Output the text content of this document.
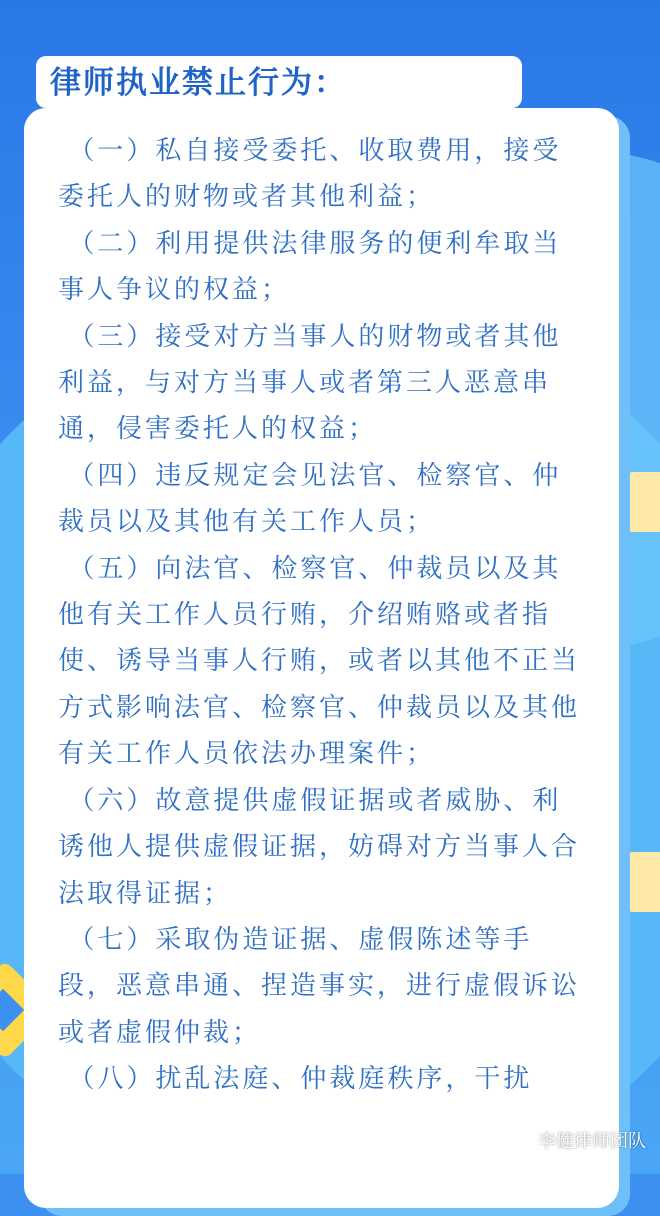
律师执业禁止行为：
（一）私自接受委托、收取费用，接受委托人的财物或者其他利益；
（二）利用提供法律服务的便利牟取当事人争议的权益；
（三）接受对方当事人的财物或者其他利益，与对方当事人或者第三人恶意串通，侵害委托人的权益；
（四）违反规定会见法官、检察官、仲裁员以及其他有关工作人员；
（五）向法官、检察官、仲裁员以及其他有关工作人员行贿，介绍贿赂或者指使、诱导当事人行贿，或者以其他不正当方式影响法官、检察官、仲裁员以及其他有关工作人员依法办理案件；
（六）故意提供虚假证据或者威胁、利诱他人提供虚假证据，妨碍对方当事人合法取得证据；
（七）采取伪造证据、虚假陈述等手段，恶意串通、捏造事实，进行虚假诉讼或者虚假仲裁；
（八）扰乱法庭、仲裁庭秩序，干扰
李健律师团队
